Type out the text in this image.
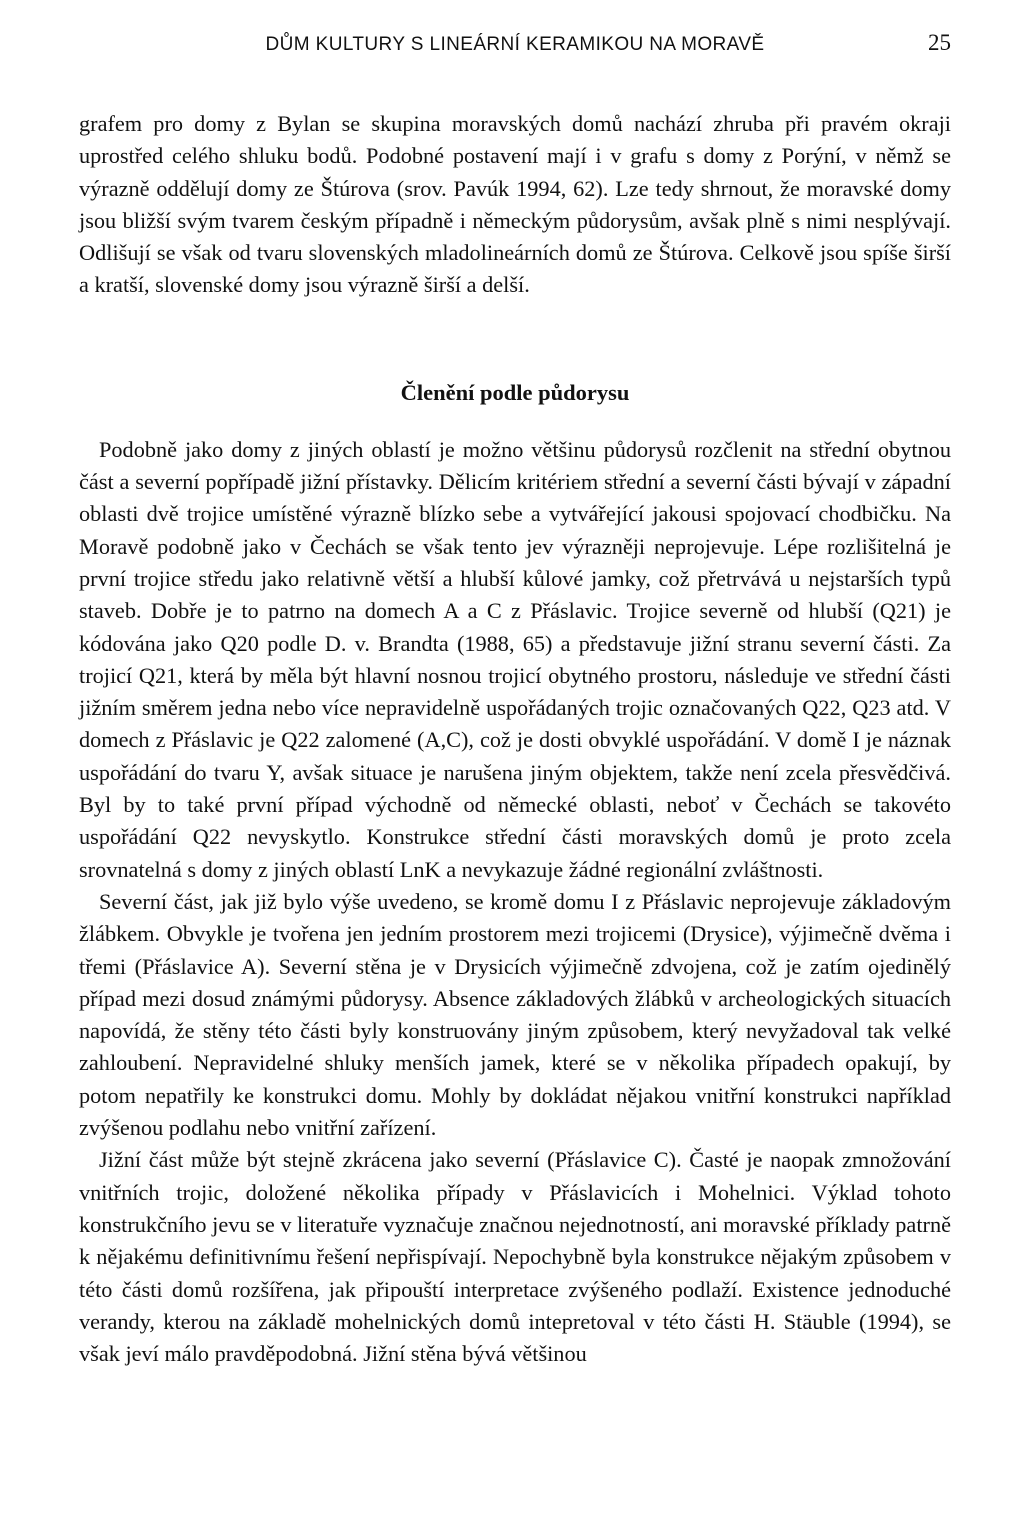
DŮM KULTURY S LINEÁRNÍ KERAMIKOU NA MORAVĚ	25

grafem pro domy z Bylan se skupina moravských domů nachází zhruba při pravém okraji uprostřed celého shluku bodů. Podobné postavení mají i v grafu s domy z Porýní, v němž se výrazně oddělují domy ze Štúrova (srov. Pavúk 1994, 62). Lze tedy shrnout, že moravské domy jsou bližší svým tvarem českým případně i německým půdorysům, avšak plně s nimi nesplývají. Odlišují se však od tvaru slovenských mladolineárních domů ze Štúrova. Celkově jsou spíše širší a kratší, slovenské domy jsou výrazně širší a delší.

Členění podle půdorysu

Podobně jako domy z jiných oblastí je možno většinu půdorysů rozčlenit na střední obytnou část a severní popřípadě jižní přístavky. Dělicím kritériem střední a severní části bývají v západní oblasti dvě trojice umístěné výrazně blízko sebe a vytvářející jakousi spojovací chodbičku. Na Moravě podobně jako v Čechách se však tento jev výrazněji neprojevuje. Lépe rozlišitelná je první trojice středu jako relativně větší a hlubší kůlové jamky, což přetrvává u nejstarších typů staveb. Dobře je to patrno na domech A a C z Přáslavic. Trojice severně od hlubší (Q21) je kódována jako Q20 podle D. v. Brandta (1988, 65) a představuje jižní stranu severní části. Za trojicí Q21, která by měla být hlavní nosnou trojicí obytného prostoru, následuje ve střední části jižním směrem jedna nebo více nepravidelně uspořádaných trojic označovaných Q22, Q23 atd. V domech z Přáslavic je Q22 zalomené (A,C), což je dosti obvyklé uspořádání. V domě I je náznak uspořádání do tvaru Y, avšak situace je narušena jiným objektem, takže není zcela přesvědčivá. Byl by to také první případ východně od německé oblasti, neboť v Čechách se takovéto uspořádání Q22 nevyskytlo. Konstrukce střední části moravských domů je proto zcela srovnatelná s domy z jiných oblastí LnK a nevykazuje žádné regionální zvláštnosti.

Severní část, jak již bylo výše uvedeno, se kromě domu I z Přáslavic neprojevuje základovým žlábkem. Obvykle je tvořena jen jedním prostorem mezi trojicemi (Drysice), výjimečně dvěma i třemi (Přáslavice A). Severní stěna je v Drysicích výjimečně zdvojena, což je zatím ojedinělý případ mezi dosud známými půdorysy. Absence základových žlábků v archeologických situacích napovídá, že stěny této části byly konstruovány jiným způsobem, který nevyžadoval tak velké zahloubení. Nepravidelné shluky menších jamek, které se v několika případech opakují, by potom nepatřily ke konstrukci domu. Mohly by dokládat nějakou vnitřní konstrukci například zvýšenou podlahu nebo vnitřní zařízení.

Jižní část může být stejně zkrácena jako severní (Přáslavice C). Časté je naopak zmnožování vnitřních trojic, doložené několika případy v Přáslavicích i Mohelnici. Výklad tohoto konstrukčního jevu se v literatuře vyznačuje značnou nejednotností, ani moravské příklady patrně k nějakému definitivnímu řešení nepřispívají. Nepochybně byla konstrukce nějakým způsobem v této části domů rozšířena, jak připouští interpretace zvýšeného podlaží. Existence jednoduché verandy, kterou na základě mohelnických domů intepretoval v této části H. Stäuble (1994), se však jeví málo pravděpodobná. Jižní stěna bývá většinou
